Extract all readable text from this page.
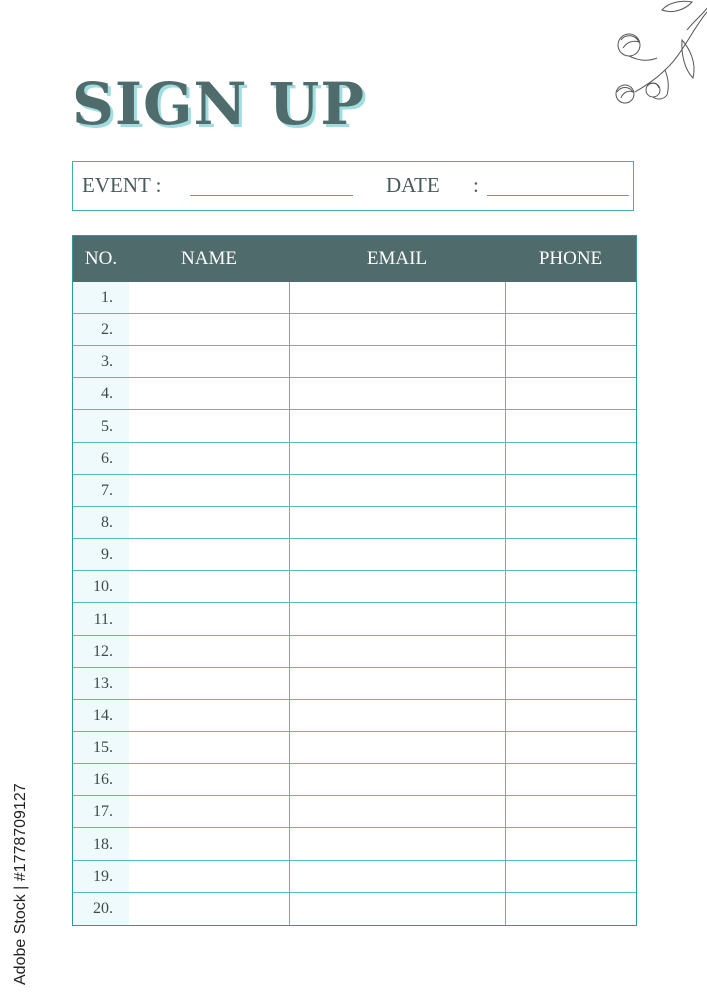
SIGN UP
EVENT :	DATE :
NO.	NAME	EMAIL	PHONE
1.
2.
3.
4.
5.
6.
7.
8.
9.
10.
11.
12.
13.
14.
15.
16.
17.
18.
19.
20.
Adobe Stock | #1778709127
